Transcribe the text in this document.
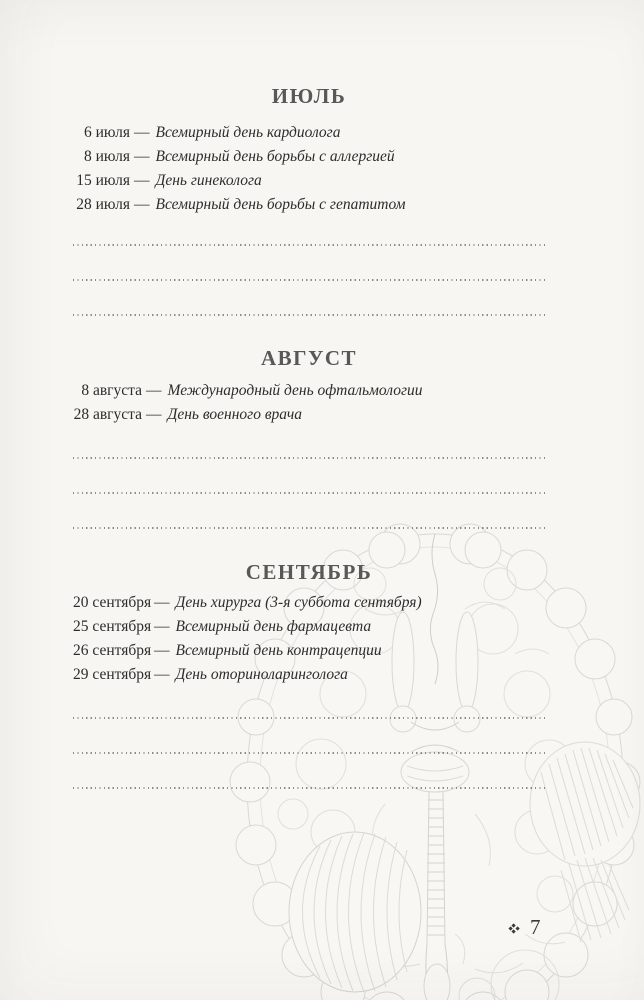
ИЮЛЬ
6 июля — Всемирный день кардиолога
8 июля — Всемирный день борьбы с аллергией
15 июля — День гинеколога
28 июля — Всемирный день борьбы с гепатитом
АВГУСТ
8 августа — Международный день офтальмологии
28 августа — День военного врача
СЕНТЯБРЬ
20 сентября — День хирурга (3-я суббота сентября)
25 сентября — Всемирный день фармацевта
26 сентября — Всемирный день контрацепции
29 сентября — День оториноларинголога
7
